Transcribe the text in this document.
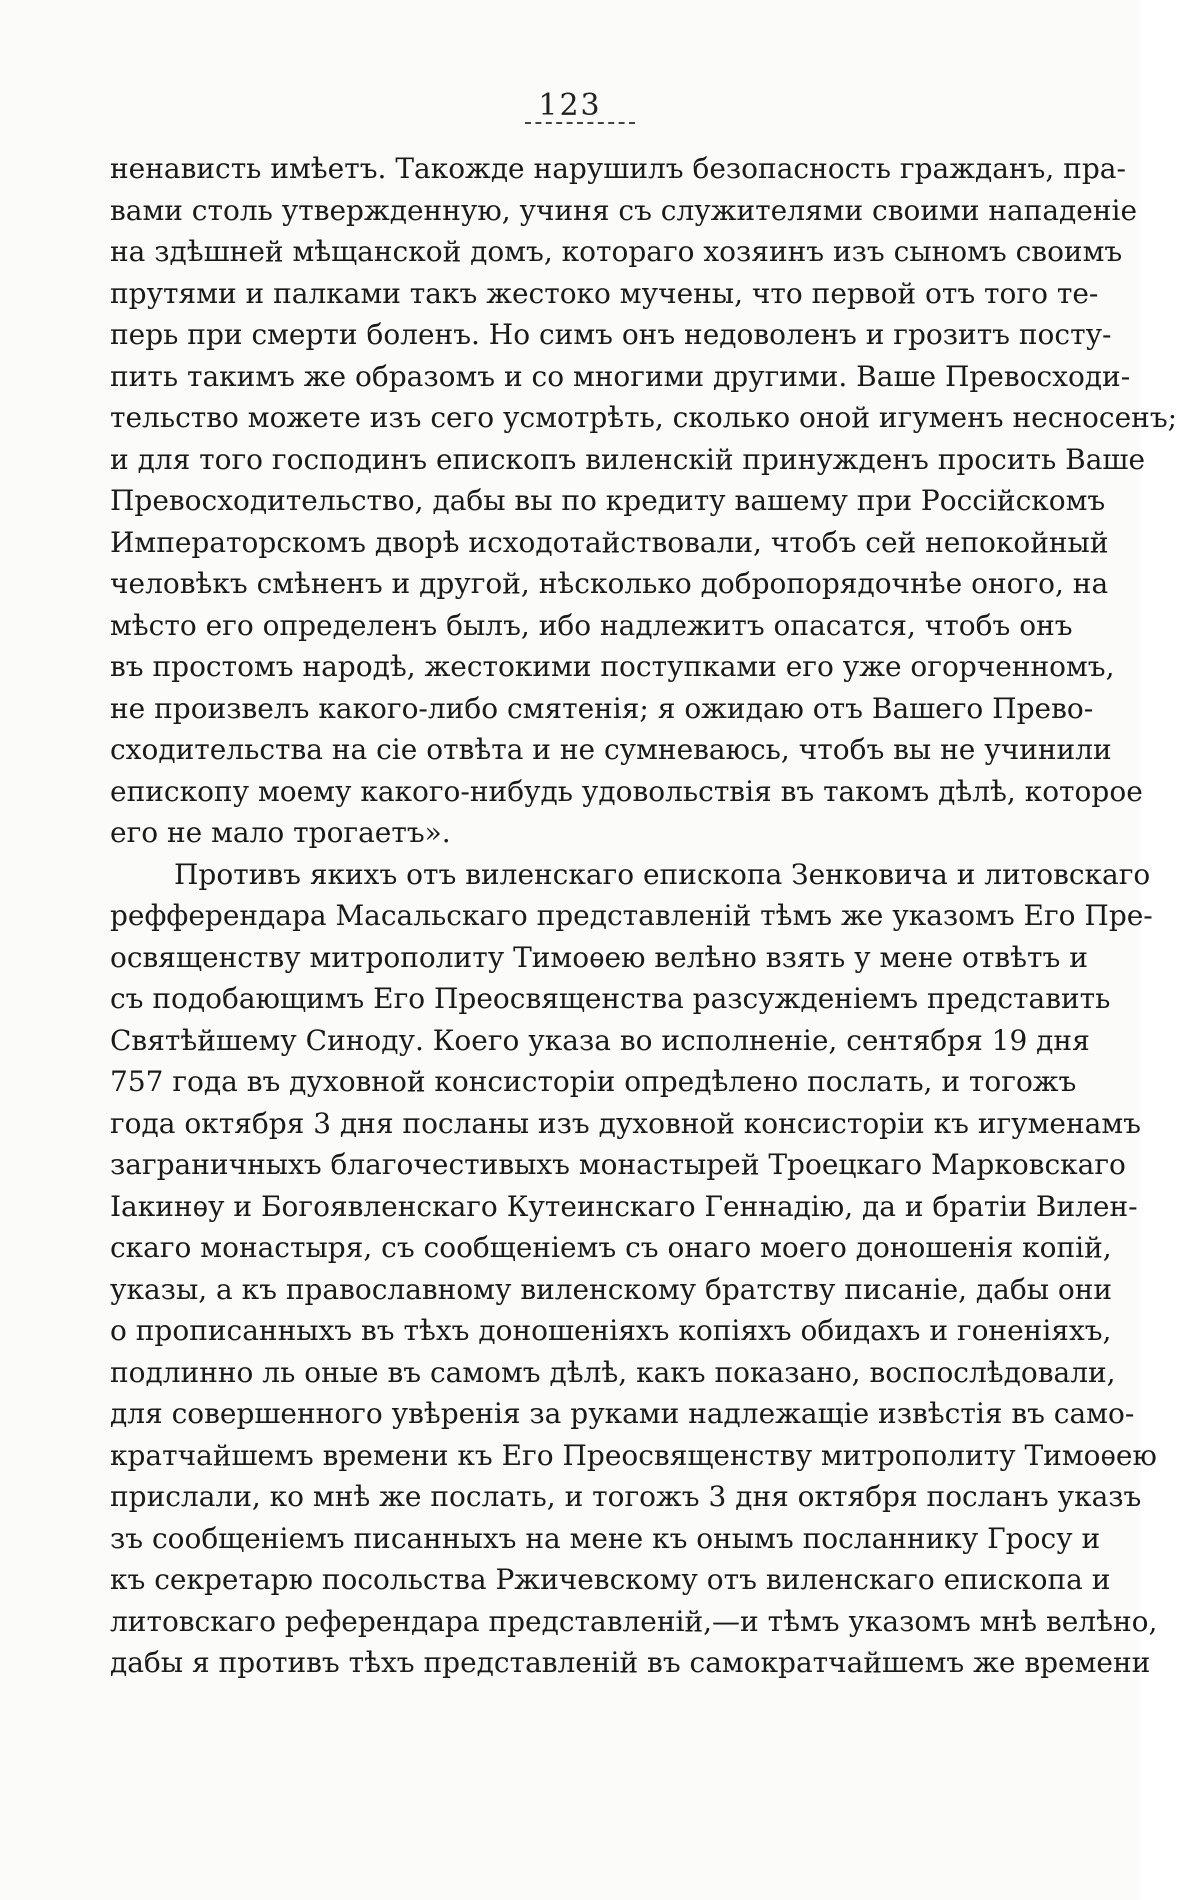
123
ненависть имѣетъ. Такожде нарушилъ безопасность гражданъ, пра-
вами столь утвержденную, учиня съ служителями своими нападеніе
на здѣшней мѣщанской домъ, котораго хозяинъ изъ сыномъ своимъ
прутями и палками такъ жестоко мучены, что первой отъ того те-
перь при смерти боленъ. Но симъ онъ недоволенъ и грозитъ посту-
пить такимъ же образомъ и со многими другими. Ваше Превосходи-
тельство можете изъ сего усмотрѣть, сколько оной игуменъ несносенъ;
и для того господинъ епископъ виленскій принужденъ просить Ваше
Превосходительство, дабы вы по кредиту вашему при Россійскомъ
Императорскомъ дворѣ исходотайствовали, чтобъ сей непокойный
человѣкъ смѣненъ и другой, нѣсколько добропорядочнѣе оного, на
мѣсто его определенъ былъ, ибо надлежитъ опасатся, чтобъ онъ
въ простомъ народѣ, жестокими поступками его уже огорченномъ,
не произвелъ какого-либо смятенія; я ожидаю отъ Вашего Прево-
сходительства на сіе отвѣта и не сумневаюсь, чтобъ вы не учинили
епископу моему какого-нибудь удовольствія въ такомъ дѣлѣ, которое
его не мало трогаетъ».
Противъ якихъ отъ виленскаго епископа Зенковича и литовскаго
рефферендара Масальскаго представленій тѣмъ же указомъ Его Пре-
освященству митрополиту Тимоѳею велѣно взять у мене отвѣтъ и
съ подобающимъ Его Преосвященства разсужденіемъ представить
Святѣйшему Синоду. Коего указа во исполненіе, сентября 19 дня
757 года въ духовной консисторіи опредѣлено послать, и тогожъ
года октября 3 дня посланы изъ духовной консисторіи къ игуменамъ
заграничныхъ благочестивыхъ монастырей Троецкаго Марковскаго
Іакинѳу и Богоявленскаго Кутеинскаго Геннадію, да и братіи Вилен-
скаго монастыря, съ сообщеніемъ съ онаго моего доношенія копій,
указы, а къ православному виленскому братству писаніе, дабы они
о прописанныхъ въ тѣхъ доношеніяхъ копіяхъ обидахъ и гоненіяхъ,
подлинно ль оные въ самомъ дѣлѣ, какъ показано, воспослѣдовали,
для совершенного увѣренія за руками надлежащіе извѣстія въ само-
кратчайшемъ времени къ Его Преосвященству митрополиту Тимоѳею
прислали, ко мнѣ же послать, и тогожъ 3 дня октября посланъ указъ
зъ сообщеніемъ писанныхъ на мене къ онымъ посланнику Гросу и
къ секретарю посольства Ржичевскому отъ виленскаго епископа и
литовскаго референдара представленій,—и тѣмъ указомъ мнѣ велѣно,
дабы я противъ тѣхъ представленій въ самократчайшемъ же времени
